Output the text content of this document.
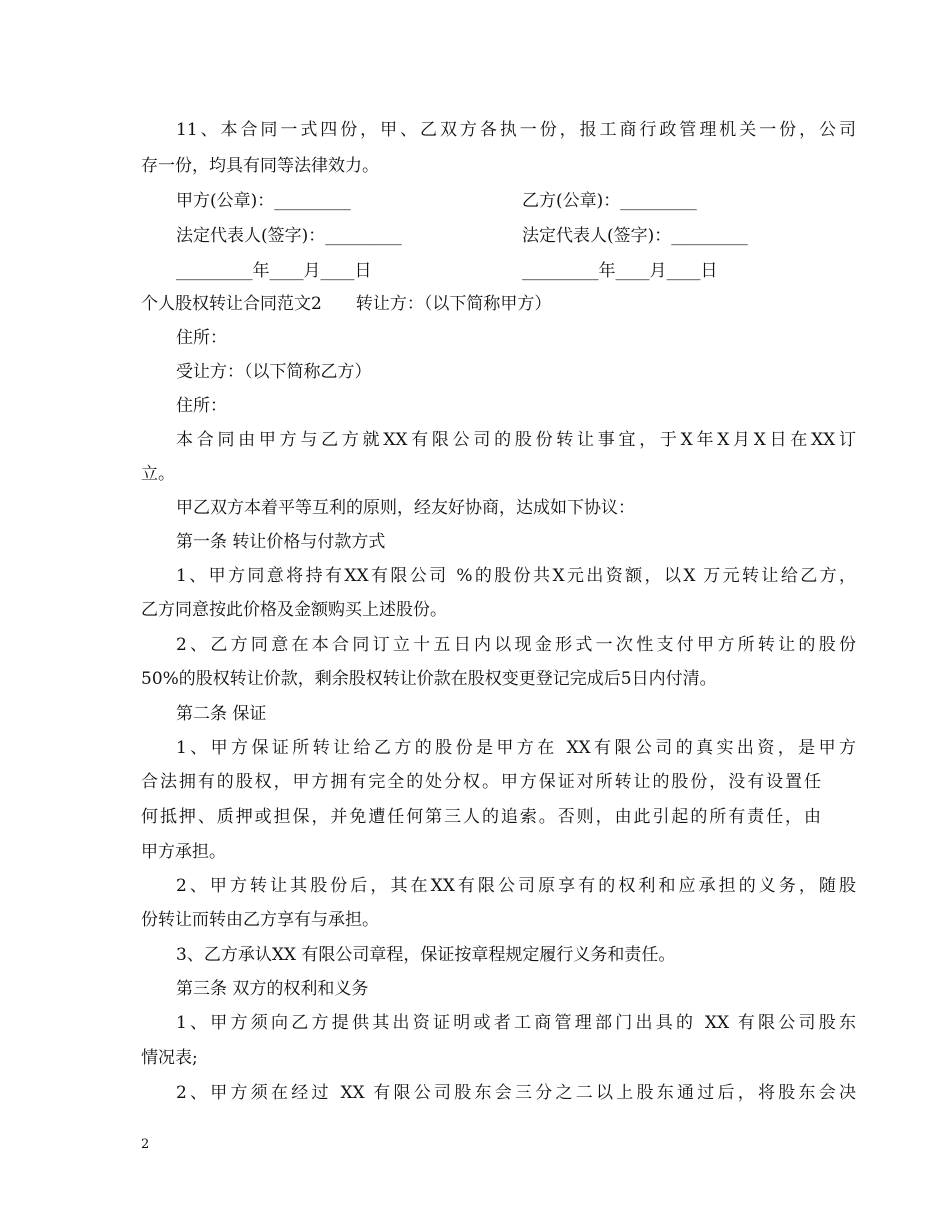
11、本合同一式四份，甲、乙双方各执一份，报工商行政管理机关一份，公司
存一份，均具有同等法律效力。
甲方(公章)：_________	乙方(公章)：_________
法定代表人(签字)：_________	法定代表人(签字)：_________
_________年____月____日	_________年____月____日
个人股权转让合同范文2　　转让方：（以下简称甲方）
住所：
受让方：（以下简称乙方）
住所：
本合同由甲方与乙方就XX有限公司的股份转让事宜，于X年X月X日在XX订
立。
甲乙双方本着平等互利的原则，经友好协商，达成如下协议：
第一条 转让价格与付款方式
1、甲方同意将持有XX有限公司 %的股份共X元出资额，以X 万元转让给乙方，
乙方同意按此价格及金额购买上述股份。
2、乙方同意在本合同订立十五日内以现金形式一次性支付甲方所转让的股份
50%的股权转让价款，剩余股权转让价款在股权变更登记完成后5日内付清。
第二条 保证
1、甲方保证所转让给乙方的股份是甲方在 XX有限公司的真实出资，是甲方
合法拥有的股权，甲方拥有完全的处分权。甲方保证对所转让的股份，没有设置任
何抵押、质押或担保，并免遭任何第三人的追索。否则，由此引起的所有责任，由
甲方承担。
2、甲方转让其股份后，其在XX有限公司原享有的权利和应承担的义务，随股
份转让而转由乙方享有与承担。
3、乙方承认XX 有限公司章程，保证按章程规定履行义务和责任。
第三条 双方的权利和义务
1、甲方须向乙方提供其出资证明或者工商管理部门出具的 XX 有限公司股东
情况表;
2、甲方须在经过 XX 有限公司股东会三分之二以上股东通过后，将股东会决
2
